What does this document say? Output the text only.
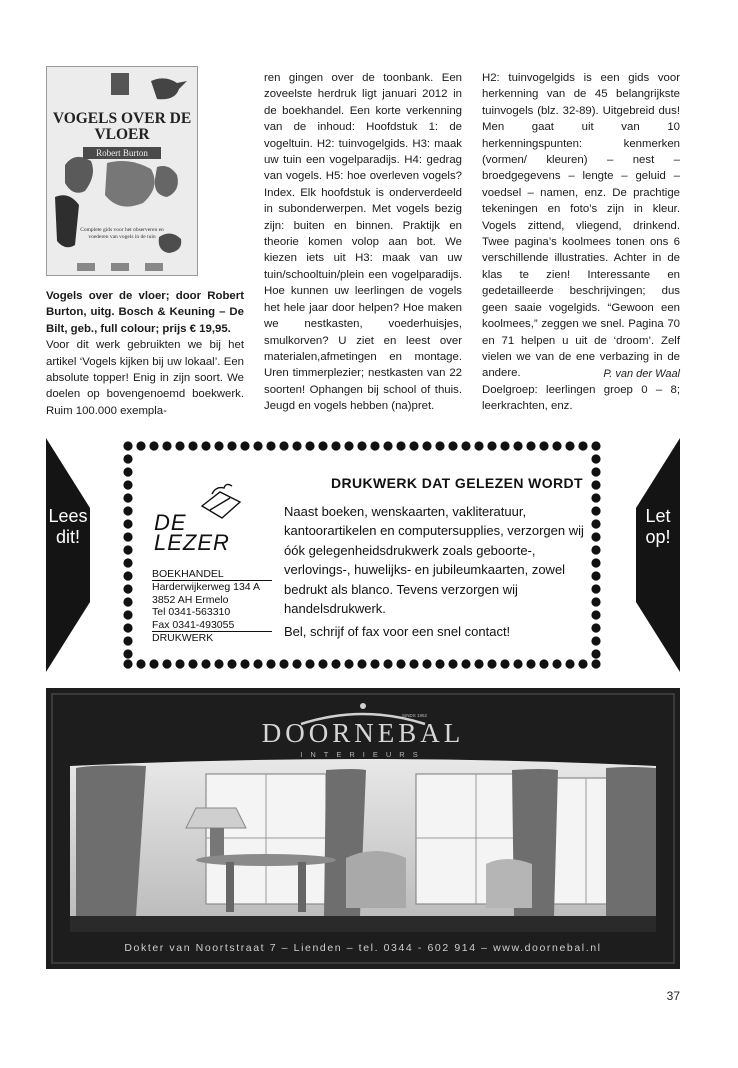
VOGELS OVER DE VLOER
Robert Burton
Complete gids voor het observeren en voederen van vogels in de tuin

Vogels over de vloer; door Robert Burton, uitg. Bosch & Keuning – De Bilt, geb., full colour; prijs € 19,95.

Voor dit werk gebruikten we bij het artikel ‘Vogels kijken bij uw lokaal’. Een absolute topper! Enig in zijn soort. We doelen op bovengenoemd boekwerk. Ruim 100.000 exempla-

ren gingen over de toonbank. Een zoveelste herdruk ligt januari 2012 in de boekhandel. Een korte verkenning van de inhoud: Hoofdstuk 1: de vogeltuin. H2: tuinvogelgids. H3: maak uw tuin een vogelparadijs. H4: gedrag van vogels. H5: hoe overleven vogels? Index. Elk hoofdstuk is onderverdeeld in subonderwerpen. Met vogels bezig zijn: buiten en binnen. Praktijk en theorie komen volop aan bot. We kiezen iets uit H3: maak van uw tuin/schooltuin/plein een vogelparadijs. Hoe kunnen uw leerlingen de vogels het hele jaar door helpen? Hoe maken we nestkasten, voederhuisjes, smulkorven? U ziet en leest over materialen,afmetingen en montage. Uren timmerplezier; nestkasten van 22 soorten! Ophangen bij school of thuis. Jeugd en vogels hebben (na)pret.

H2: tuinvogelgids is een gids voor herkenning van de 45 belangrijkste tuinvogels (blz. 32-89). Uitgebreid dus! Men gaat uit van 10 herkenningspunten: kenmerken (vormen/ kleuren) – nest – broedgegevens – lengte – geluid – voedsel – namen, enz. De prachtige tekeningen en foto’s zijn in kleur. Vogels zittend, vliegend, drinkend. Twee pagina’s koolmees tonen ons 6 verschillende illustraties. Achter in de klas te zien! Interessante en gedetailleerde beschrijvingen; dus geen saaie vogelgids. “Gewoon een koolmees,” zeggen we snel. Pagina 70 en 71 helpen u uit de ‘droom’. Zelf vielen we van de ene verbazing in de andere.

Doelgroep: leerlingen groep 0 – 8; leerkrachten, enz.

P. van der Waal
Lees dit!
Let op!
DE
LEZER
BOEKHANDEL
Harderwijkerweg 134 A
3852 AH Ermelo
Tel 0341-563310
Fax 0341-493055
DRUKWERK
DRUKWERK DAT GELEZEN WORDT
Naast boeken, wenskaarten, vakliteratuur, kantoorartikelen en computersupplies, verzorgen wij óók gelegenheidsdrukwerk zoals geboorte-, verlovings-, huwelijks- en jubileumkaarten, zowel bedrukt als blanco. Tevens verzorgen wij handelsdrukwerk.
Bel, schrijf of fax voor een snel contact!
DOORNEBAL
INTERIEURS
SINDS 1952
Dokter van Noortstraat 7 – Lienden – tel. 0344 - 602 914 – www.doornebal.nl
37
